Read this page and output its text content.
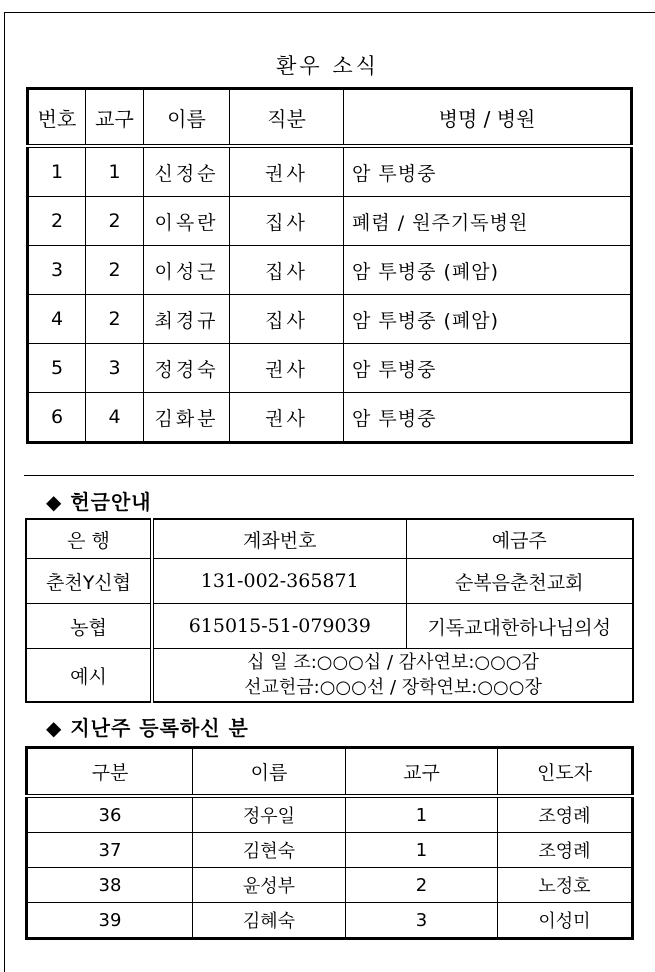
환우 소식
번호	교구	이름	직분	병명 / 병원
1	1	신정순	권사	암 투병중
2	2	이옥란	집사	폐렴 / 원주기독병원
3	2	이성근	집사	암 투병중 (폐암)
4	2	최경규	집사	암 투병중 (폐암)
5	3	정경숙	권사	암 투병중
6	4	김화분	권사	암 투병중
◆ 헌금안내
은 행	계좌번호	예금주
춘천Y신협	131-002-365871	순복음춘천교회
농협	615015-51-079039	기독교대한하나님의성
예시	십 일 조:○○○십 / 감사연보:○○○감
선교헌금:○○○선 / 장학연보:○○○장	
◆ 지난주 등록하신 분
구분	이름	교구	인도자
36	정우일	1	조영례
37	김현숙	1	조영례
38	윤성부	2	노정호
39	김혜숙	3	이성미
